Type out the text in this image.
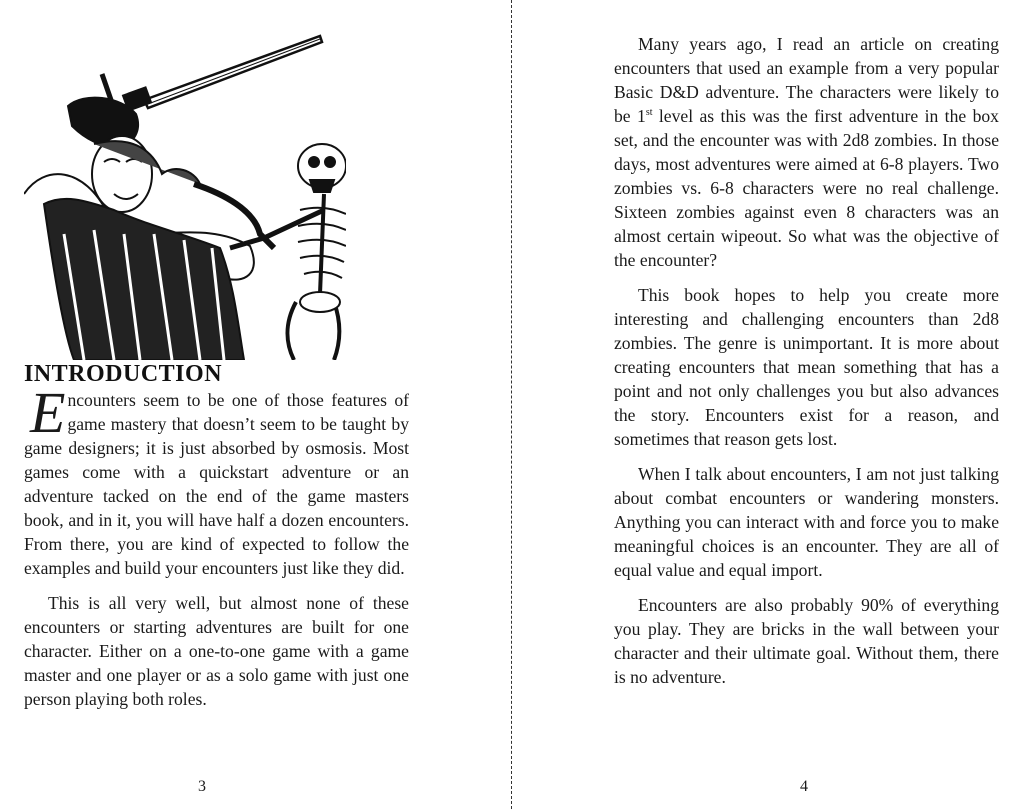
INTRODUCTION

Encounters seem to be one of those features of game mastery that doesn’t seem to be taught by game designers; it is just absorbed by osmosis. Most games come with a quickstart adventure or an adventure tacked on the end of the game masters book, and in it, you will have half a dozen encounters. From there, you are kind of expected to follow the examples and build your encounters just like they did.

This is all very well, but almost none of these encounters or starting adventures are built for one character. Either on a one-to-one game with a game master and one player or as a solo game with just one person playing both roles.

3

Many years ago, I read an article on creating encounters that used an example from a very popular Basic D&D adventure. The characters were likely to be 1st level as this was the first adventure in the box set, and the encounter was with 2d8 zombies. In those days, most adventures were aimed at 6-8 players. Two zombies vs. 6-8 characters were no real challenge. Sixteen zombies against even 8 characters was an almost certain wipeout. So what was the objective of the encounter?

This book hopes to help you create more interesting and challenging encounters than 2d8 zombies. The genre is unimportant. It is more about creating encounters that mean something that has a point and not only challenges you but also advances the story. Encounters exist for a reason, and sometimes that reason gets lost.

When I talk about encounters, I am not just talking about combat encounters or wandering monsters. Anything you can interact with and force you to make meaningful choices is an encounter. They are all of equal value and equal import.

Encounters are also probably 90% of everything you play. They are bricks in the wall between your character and their ultimate goal. Without them, there is no adventure.

4
